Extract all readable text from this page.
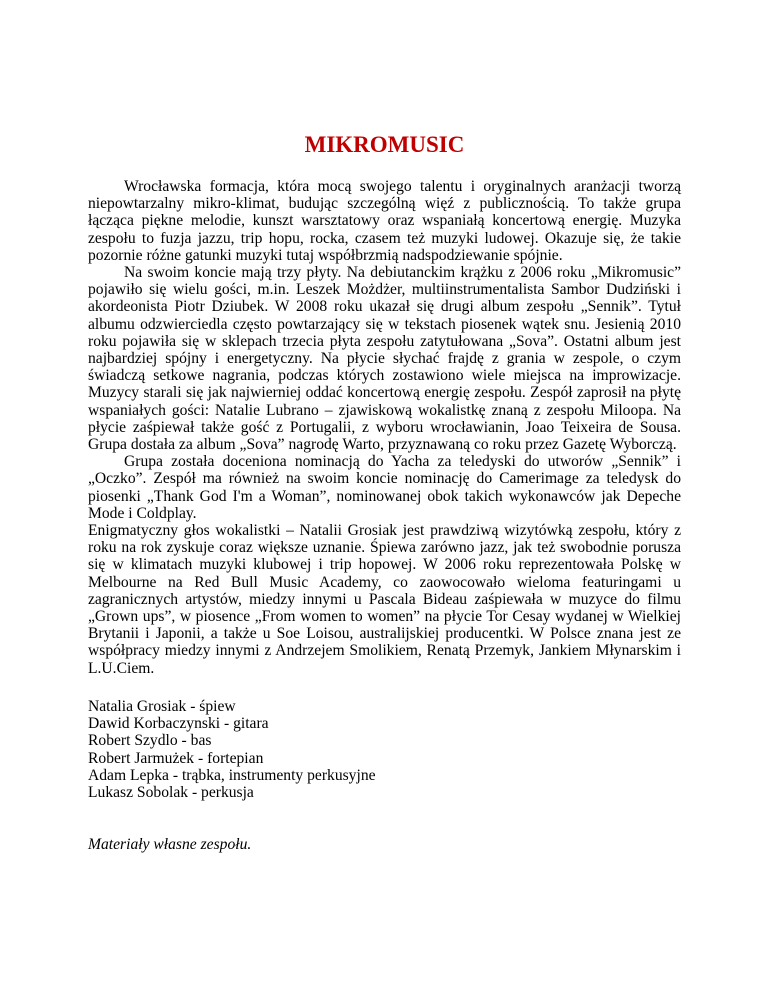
MIKROMUSIC

Wrocławska formacja, która mocą swojego talentu i oryginalnych aranżacji tworzą niepowtarzalny mikro-klimat, budując szczególną więź z publicznością. To także grupa łącząca piękne melodie, kunszt warsztatowy oraz wspaniałą koncertową energię. Muzyka zespołu to fuzja jazzu, trip hopu, rocka, czasem też muzyki ludowej. Okazuje się, że takie pozornie różne gatunki muzyki tutaj współbrzmią nadspodziewanie spójnie.

Na swoim koncie mają trzy płyty. Na debiutanckim krążku z 2006 roku „Mikromusic” pojawiło się wielu gości, m.in. Leszek Możdżer, multiinstrumentalista Sambor Dudziński i akordeonista Piotr Dziubek. W 2008 roku ukazał się drugi album zespołu „Sennik”. Tytuł albumu odzwierciedla często powtarzający się w tekstach piosenek wątek snu. Jesienią 2010 roku pojawiła się w sklepach trzecia płyta zespołu zatytułowana „Sova”. Ostatni album jest najbardziej spójny i energetyczny. Na płycie słychać frajdę z grania w zespole, o czym świadczą setkowe nagrania, podczas których zostawiono wiele miejsca na improwizacje. Muzycy starali się jak najwierniej oddać koncertową energię zespołu. Zespół zaprosił na płytę wspaniałych gości: Natalie Lubrano – zjawiskową wokalistkę znaną z zespołu Miloopa. Na płycie zaśpiewał także gość z Portugalii, z wyboru wrocławianin, Joao Teixeira de Sousa. Grupa dostała za album „Sova” nagrodę Warto, przyznawaną co roku przez Gazetę Wyborczą.

Grupa została doceniona nominacją do Yacha za teledyski do utworów „Sennik” i „Oczko”. Zespół ma również na swoim koncie nominację do Camerimage za teledysk do piosenki „Thank God I'm a Woman”, nominowanej obok takich wykonawców jak Depeche Mode i Coldplay.

Enigmatyczny głos wokalistki – Natalii Grosiak jest prawdziwą wizytówką zespołu, który z roku na rok zyskuje coraz większe uznanie. Śpiewa zarówno jazz, jak też swobodnie porusza się w klimatach muzyki klubowej i trip hopowej. W 2006 roku reprezentowała Polskę w Melbourne na Red Bull Music Academy, co zaowocowało wieloma featuringami u zagranicznych artystów, miedzy innymi u Pascala Bideau zaśpiewała w muzyce do filmu „Grown ups”, w piosence „From women to women” na płycie Tor Cesay wydanej w Wielkiej Brytanii i Japonii, a także u Soe Loisou, australijskiej producentki. W Polsce znana jest ze współpracy miedzy innymi z Andrzejem Smolikiem, Renatą Przemyk, Jankiem Młynarskim i L.U.Ciem.

Natalia Grosiak - śpiew

Dawid Korbaczynski - gitara

Robert Szydlo - bas

Robert Jarmużek - fortepian

Adam Lepka - trąbka, instrumenty perkusyjne

Lukasz Sobolak - perkusja

Materiały własne zespołu.
